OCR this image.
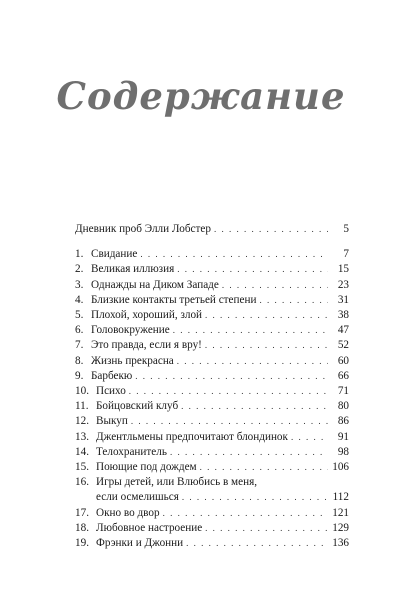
Содержание
Дневник проб Элли Лобстер . . .	5
1. Свидание . . .	7
2. Великая иллюзия . . .	15
3. Однажды на Диком Западе . . .	23
4. Близкие контакты третьей степени . . .	31
5. Плохой, хороший, злой . . .	38
6. Головокружение . . .	47
7. Это правда, если я вру! . . .	52
8. Жизнь прекрасна . . .	60
9. Барбекю . . .	66
10. Психо . . .	71
11. Бойцовский клуб . . .	80
12. Выкуп . . .	86
13. Джентльмены предпочитают блондинок . . .	91
14. Телохранитель . . .	98
15. Поющие под дождем . . .	106
16. Игры детей, или Влюбись в меня,
если осмелишься . . .	112
17. Окно во двор . . .	121
18. Любовное настроение . . .	129
19. Фрэнки и Джонни . . .	136
